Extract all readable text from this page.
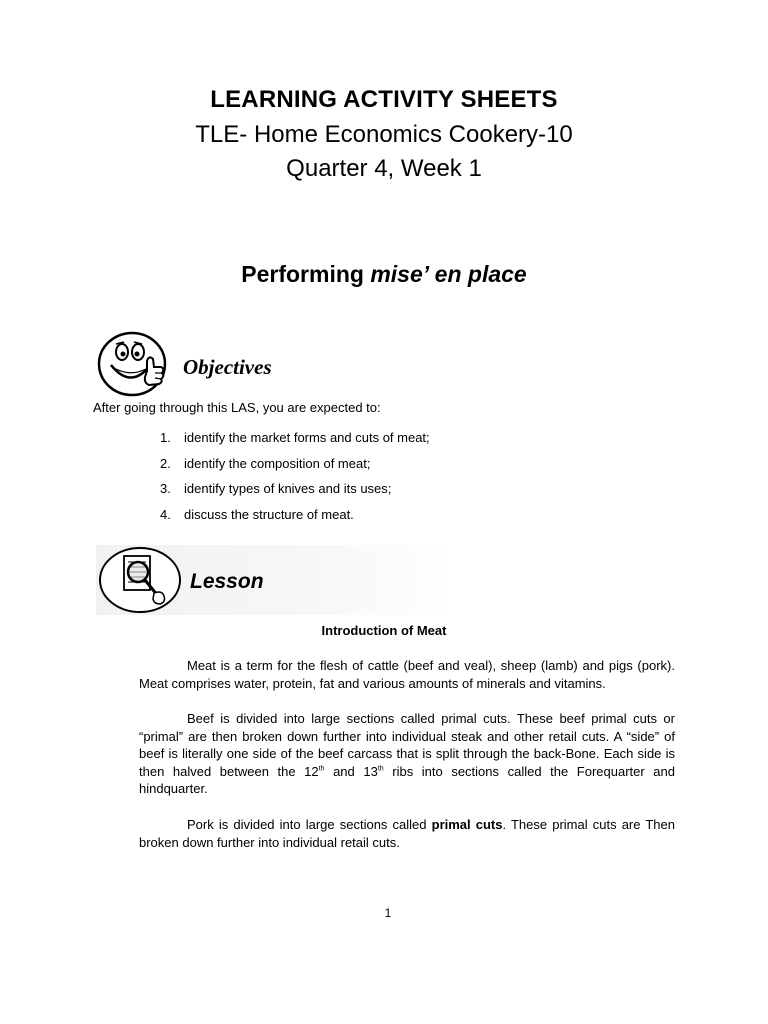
LEARNING ACTIVITY SHEETS
TLE- Home Economics Cookery-10
Quarter 4, Week 1
Performing mise’ en place
Objectives
After going through this LAS, you are expected to:
1. identify the market forms and cuts of meat;
2. identify the composition of meat;
3. identify types of knives and its uses;
4. discuss the structure of meat.
Lesson
Introduction of Meat

Meat is a term for the flesh of cattle (beef and veal), sheep (lamb) and pigs (pork). Meat comprises water, protein, fat and various amounts of minerals and vitamins.

Beef is divided into large sections called primal cuts. These beef primal cuts or “primal” are then broken down further into individual steak and other retail cuts. A “side” of beef is literally one side of the beef carcass that is split through the back-Bone. Each side is then halved between the 12th and 13th ribs into sections called the Forequarter and hindquarter.

Pork is divided into large sections called primal cuts. These primal cuts are Then broken down further into individual retail cuts.

1
